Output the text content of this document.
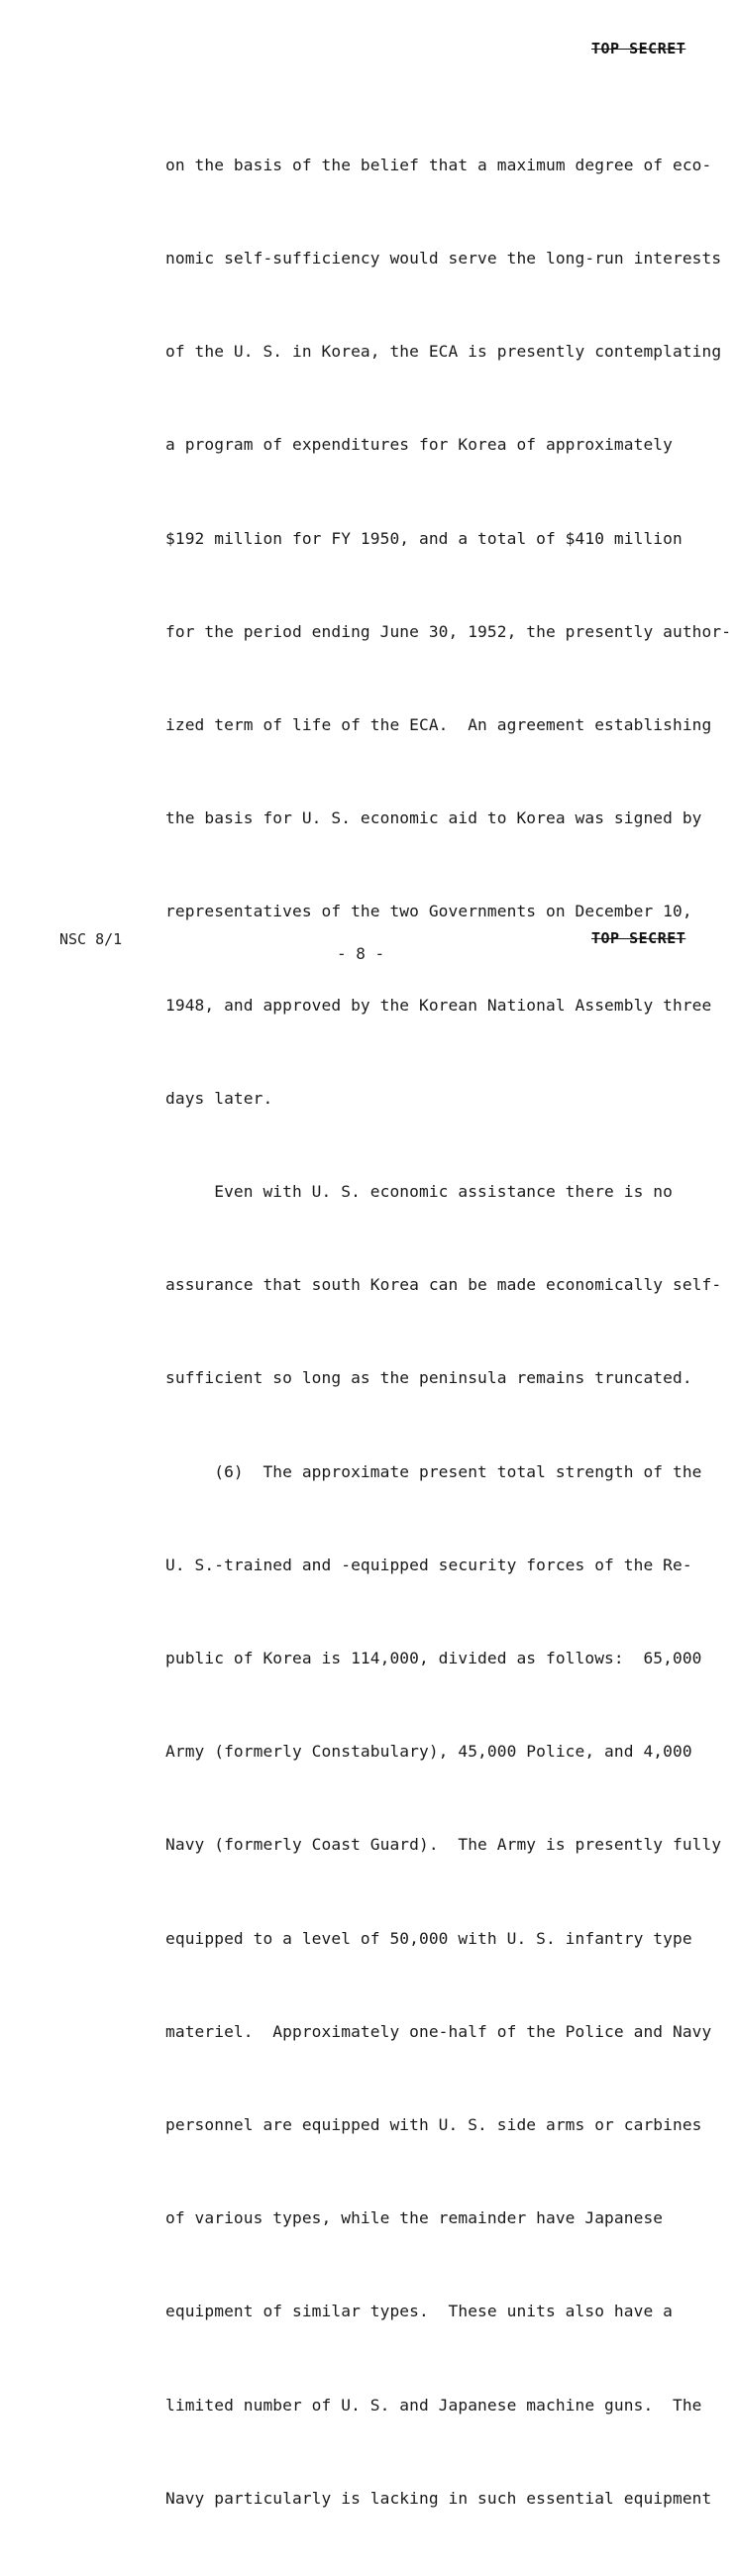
TOP SECRET

on the basis of the belief that a maximum degree of eco-

nomic self-sufficiency would serve the long-run interests

of the U. S. in Korea, the ECA is presently contemplating

a program of expenditures for Korea of approximately

$192 million for FY 1950, and a total of $410 million

for the period ending June 30, 1952, the presently author-

ized term of life of the ECA.  An agreement establishing

the basis for U. S. economic aid to Korea was signed by

representatives of the two Governments on December 10,

1948, and approved by the Korean National Assembly three

days later.

Even with U. S. economic assistance there is no

assurance that south Korea can be made economically self-

sufficient so long as the peninsula remains truncated.

(6)  The approximate present total strength of the

U. S.-trained and -equipped security forces of the Re-

public of Korea is 114,000, divided as follows:  65,000

Army (formerly Constabulary), 45,000 Police, and 4,000

Navy (formerly Coast Guard).  The Army is presently fully

equipped to a level of 50,000 with U. S. infantry type

materiel.  Approximately one-half of the Police and Navy

personnel are equipped with U. S. side arms or carbines

of various types, while the remainder have Japanese

equipment of similar types.  These units also have a

limited number of U. S. and Japanese machine guns.  The

Navy particularly is lacking in such essential equipment

NSC 8/1
- 8 -
TOP SECRET
